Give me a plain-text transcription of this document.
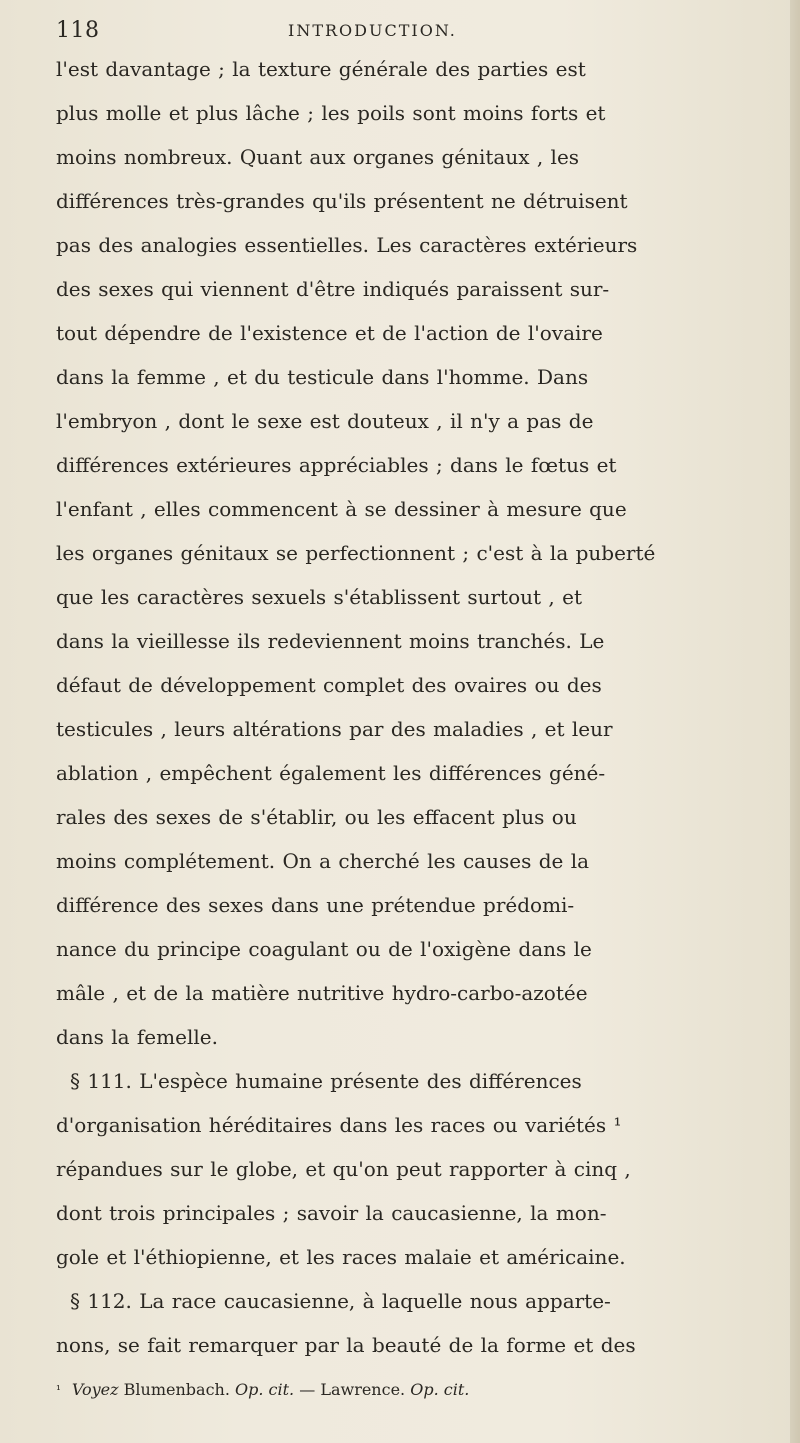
118	INTRODUCTION.
l'est davantage ; la texture générale des parties est
plus molle et plus lâche ; les poils sont moins forts et
moins nombreux. Quant aux organes génitaux , les
différences très-grandes qu'ils présentent ne détruisent
pas des analogies essentielles. Les caractères extérieurs
des sexes qui viennent d'être indiqués paraissent sur-
tout dépendre de l'existence et de l'action de l'ovaire
dans la femme , et du testicule dans l'homme. Dans
l'embryon , dont le sexe est douteux , il n'y a pas de
différences extérieures appréciables ; dans le fœtus et
l'enfant , elles commencent à se dessiner à mesure que
les organes génitaux se perfectionnent ; c'est à la puberté
que les caractères sexuels s'établissent surtout , et
dans la vieillesse ils redeviennent moins tranchés. Le
défaut de développement complet des ovaires ou des
testicules , leurs altérations par des maladies , et leur
ablation , empêchent également les différences géné-
rales des sexes de s'établir, ou les effacent plus ou
moins complétement. On a cherché les causes de la
différence des sexes dans une prétendue prédomi-
nance du principe coagulant ou de l'oxigène dans le
mâle , et de la matière nutritive hydro-carbo-azotée
dans la femelle.
§ 111. L'espèce humaine présente des différences
d'organisation héréditaires dans les races ou variétés ¹
répandues sur le globe, et qu'on peut rapporter à cinq ,
dont trois principales ; savoir la caucasienne, la mon-
gole et l'éthiopienne, et les races malaie et américaine.
§ 112. La race caucasienne, à laquelle nous apparte-
nons, se fait remarquer par la beauté de la forme et des
$^{^1}$ Voyez Blumenbach. Op. cit. — Lawrence. Op. cit.
